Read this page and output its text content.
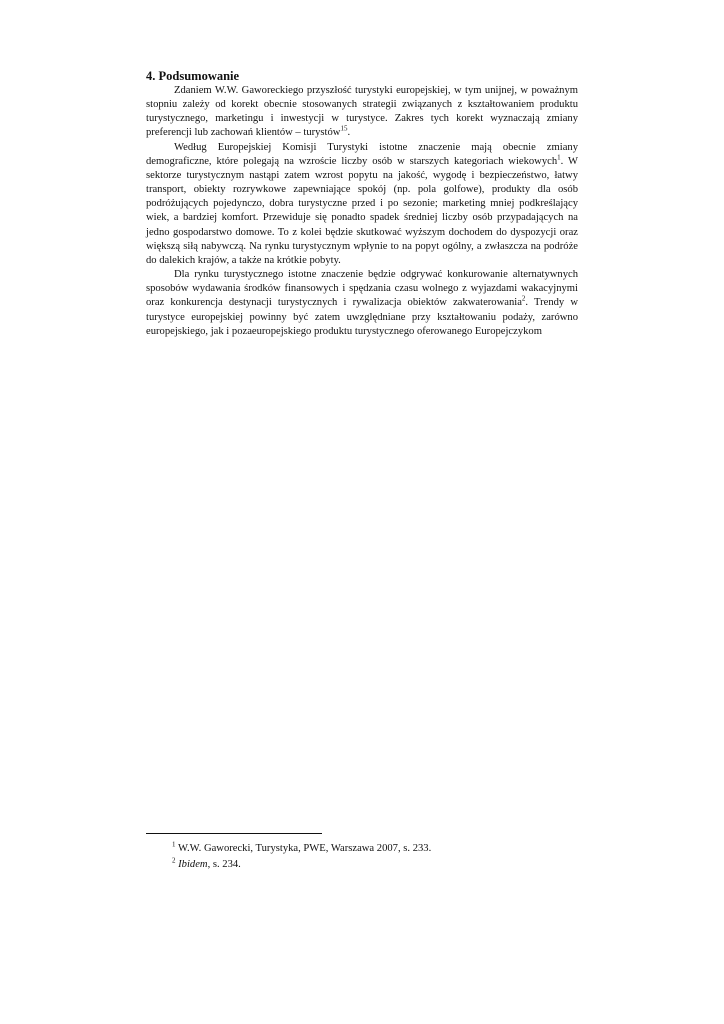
4. Podsumowanie

Zdaniem W.W. Gaworeckiego przyszłość turystyki europejskiej, w tym unijnej, w poważnym stopniu zależy od korekt obecnie stosowanych strategii związanych z kształtowaniem produktu turystycznego, marketingu i inwestycji w turystyce. Zakres tych korekt wyznaczają zmiany preferencji lub zachowań klientów – turystów$^{15}$.

Według Europejskiej Komisji Turystyki istotne znaczenie mają obecnie zmiany demograficzne, które polegają na wzroście liczby osób w starszych kategoriach wiekowych$^1$. W sektorze turystycznym nastąpi zatem wzrost popytu na jakość, wygodę i bezpieczeństwo, łatwy transport, obiekty rozrywkowe zapewniające spokój (np. pola golfowe), produkty dla osób podróżujących pojedynczo, dobra turystyczne przed i po sezonie; marketing mniej podkreślający wiek, a bardziej komfort. Przewiduje się ponadto spadek średniej liczby osób przypadających na jedno gospodarstwo domowe. To z kolei będzie skutkować wyższym dochodem do dyspozycji oraz większą siłą nabywczą. Na rynku turystycznym wpłynie to na popyt ogólny, a zwłaszcza na podróże do dalekich krajów, a także na krótkie pobyty.

Dla rynku turystycznego istotne znaczenie będzie odgrywać konkurowanie alternatywnych sposobów wydawania środków finansowych i spędzania czasu wolnego z wyjazdami wakacyjnymi oraz konkurencja destynacji turystycznych i rywalizacja obiektów zakwaterowania$^2$. Trendy w turystyce europejskiej powinny być zatem uwzględniane przy kształtowaniu podaży, zarówno europejskiego, jak i pozaeuropejskiego produktu turystycznego oferowanego Europejczykom

$^1$ W.W. Gaworecki, Turystyka, PWE, Warszawa 2007, s. 233.
$^2$ Ibidem, s. 234.
